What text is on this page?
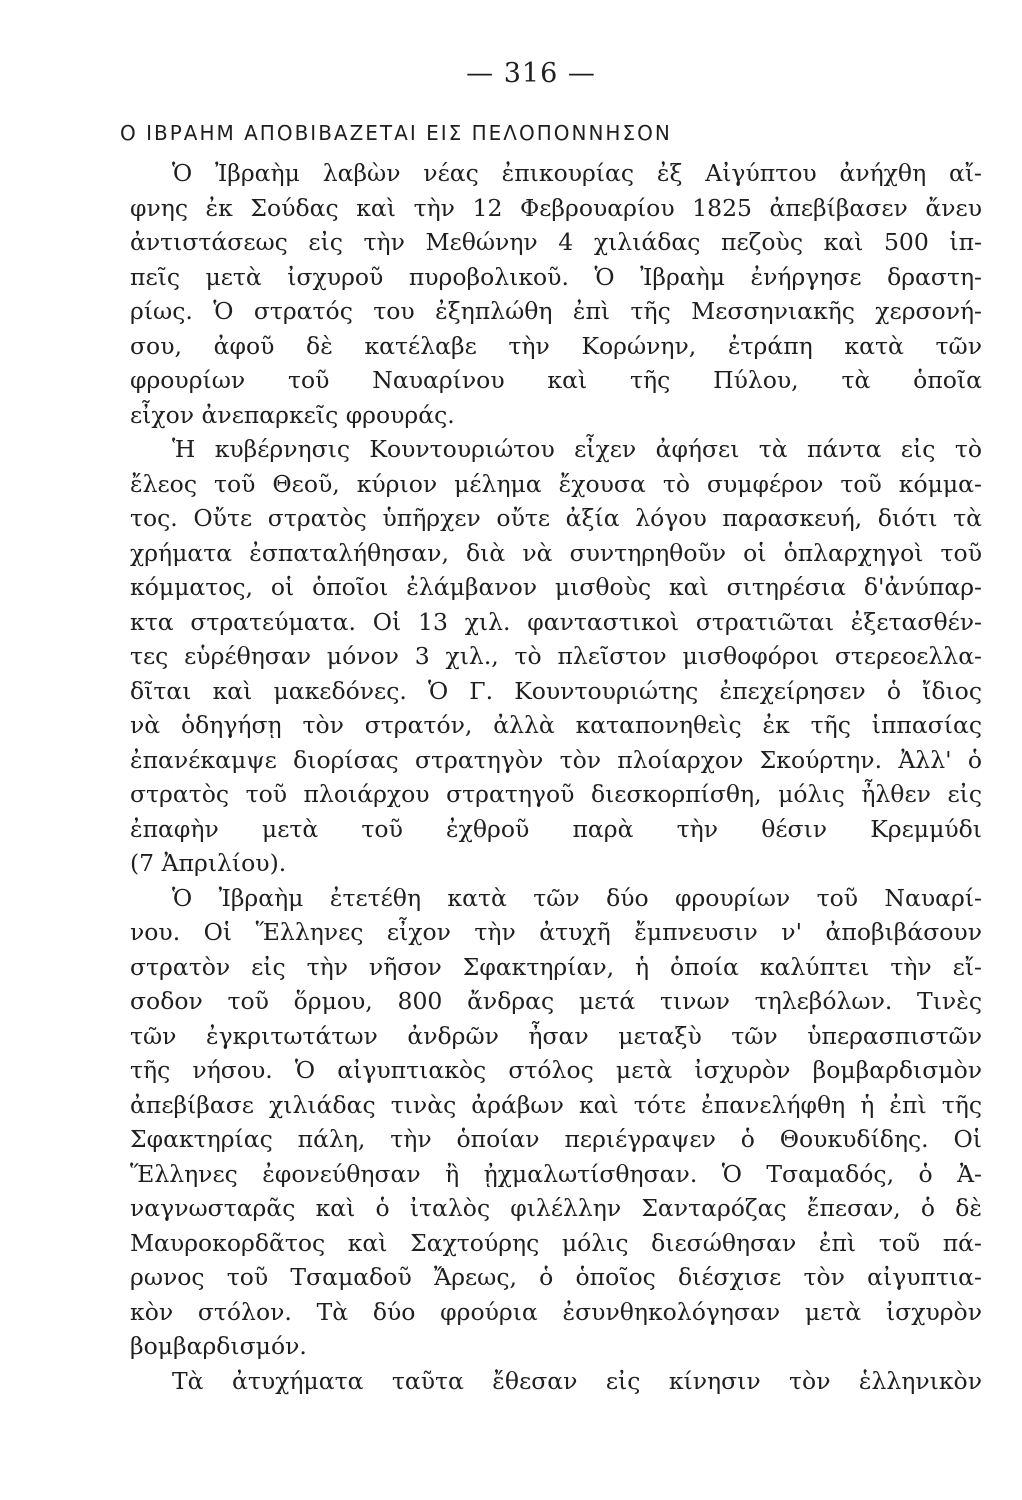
— 316 —
Ο ΙΒΡΑΗΜ ΑΠΟΒΙΒΑΖΕΤΑΙ ΕΙΣ ΠΕΛΟΠΟΝΝΗΣΟΝ
Ὁ Ἰβραὴμ λαβὼν νέας ἐπικουρίας ἐξ Αἰγύπτου ἀνήχθη αἴ-
φνης ἐκ Σούδας καὶ τὴν 12 Φεβρουαρίου 1825 ἀπεβίβασεν ἄνευ
ἀντιστάσεως εἰς τὴν Μεθώνην 4 χιλιάδας πεζοὺς καὶ 500 ἱπ-
πεῖς μετὰ ἰσχυροῦ πυροβολικοῦ. Ὁ Ἰβραὴμ ἐνήργησε δραστη-
ρίως. Ὁ στρατός του ἐξηπλώθη ἐπὶ τῆς Μεσσηνιακῆς χερσονή-
σου, ἀφοῦ δὲ κατέλαβε τὴν Κορώνην, ἐτράπη κατὰ τῶν
φρουρίων τοῦ Ναυαρίνου καὶ τῆς Πύλου, τὰ ὁποῖα
εἶχον ἀνεπαρκεῖς φρουράς.
Ἡ κυβέρνησις Κουντουριώτου εἶχεν ἀφήσει τὰ πάντα εἰς τὸ
ἔλεος τοῦ Θεοῦ, κύριον μέλημα ἔχουσα τὸ συμφέρον τοῦ κόμμα-
τος. Οὔτε στρατὸς ὑπῆρχεν οὔτε ἀξία λόγου παρασκευή, διότι τὰ
χρήματα ἐσπαταλήθησαν, διὰ νὰ συντηρηθοῦν οἱ ὁπλαρχηγοὶ τοῦ
κόμματος, οἱ ὁποῖοι ἐλάμβανον μισθοὺς καὶ σιτηρέσια δ'ἀνύπαρ-
κτα στρατεύματα. Οἱ 13 χιλ. φανταστικοὶ στρατιῶται ἐξετασθέν-
τες εὑρέθησαν μόνον 3 χιλ., τὸ πλεῖστον μισθοφόροι στερεοελλα-
δῖται καὶ μακεδόνες. Ὁ Γ. Κουντουριώτης ἐπεχείρησεν ὁ ἴδιος
νὰ ὁδηγήσῃ τὸν στρατόν, ἀλλὰ καταπονηθεὶς ἐκ τῆς ἱππασίας
ἐπανέκαμψε διορίσας στρατηγὸν τὸν πλοίαρχον Σκούρτην. Ἀλλ' ὁ
στρατὸς τοῦ πλοιάρχου στρατηγοῦ διεσκορπίσθη, μόλις ἦλθεν εἰς
ἐπαφὴν μετὰ τοῦ ἐχθροῦ παρὰ τὴν θέσιν Κρεμμύδι
(7 Ἀπριλίου).
Ὁ Ἰβραὴμ ἐτετέθη κατὰ τῶν δύο φρουρίων τοῦ Ναυαρί-
νου. Οἱ Ἕλληνες εἶχον τὴν ἀτυχῆ ἔμπνευσιν ν' ἀποβιβάσουν
στρατὸν εἰς τὴν νῆσον Σφακτηρίαν, ἡ ὁποία καλύπτει τὴν εἴ-
σοδον τοῦ ὅρμου, 800 ἄνδρας μετά τινων τηλεβόλων. Τινὲς
τῶν ἐγκριτωτάτων ἀνδρῶν ἦσαν μεταξὺ τῶν ὑπερασπιστῶν
τῆς νήσου. Ὁ αἰγυπτιακὸς στόλος μετὰ ἰσχυρὸν βομβαρδισμὸν
ἀπεβίβασε χιλιάδας τινὰς ἀράβων καὶ τότε ἐπανελήφθη ἡ ἐπὶ τῆς
Σφακτηρίας πάλη, τὴν ὁποίαν περιέγραψεν ὁ Θουκυδίδης. Οἱ
Ἕλληνες ἐφονεύθησαν ἢ ᾐχμαλωτίσθησαν. Ὁ Τσαμαδός, ὁ Ἀ-
ναγνωσταρᾶς καὶ ὁ ἰταλὸς φιλέλλην Σανταρόζας ἔπεσαν, ὁ δὲ
Μαυροκορδᾶτος καὶ Σαχτούρης μόλις διεσώθησαν ἐπὶ τοῦ πά-
ρωνος τοῦ Τσαμαδοῦ Ἄρεως, ὁ ὁποῖος διέσχισε τὸν αἰγυπτια-
κὸν στόλον. Τὰ δύο φρούρια ἐσυνθηκολόγησαν μετὰ ἰσχυρὸν
βομβαρδισμόν.
Τὰ ἀτυχήματα ταῦτα ἔθεσαν εἰς κίνησιν τὸν ἑλληνικὸν
